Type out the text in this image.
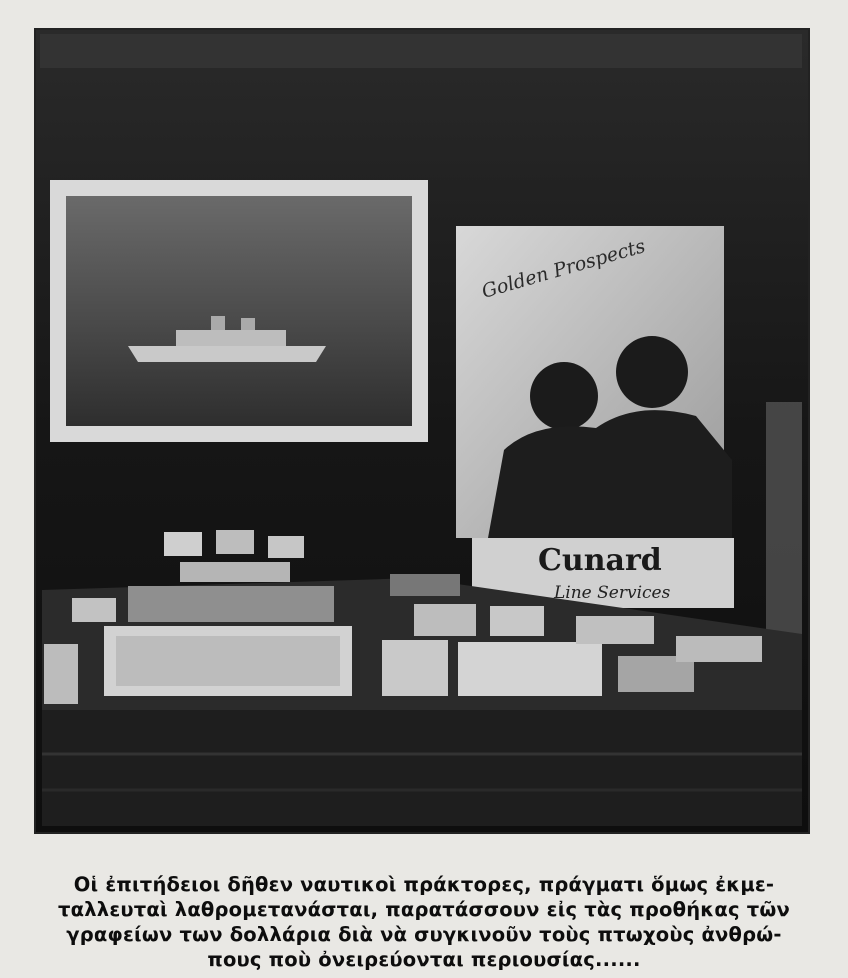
Golden Prospects
Cunard
Line Services
Οἱ ἐπιτήδειοι δῆθεν ναυτικοὶ πράκτορες, πράγματι ὅμως ἐκμε-
ταλλευταὶ λαθρομετανάσται, παρατάσσουν εἰς τὰς προθήκας τῶν
γραφείων των δολλάρια διὰ νὰ συγκινοῦν τοὺς πτωχοὺς ἀνθρώ-
πους ποὺ ὀνειρεύονται περιουσίας......
